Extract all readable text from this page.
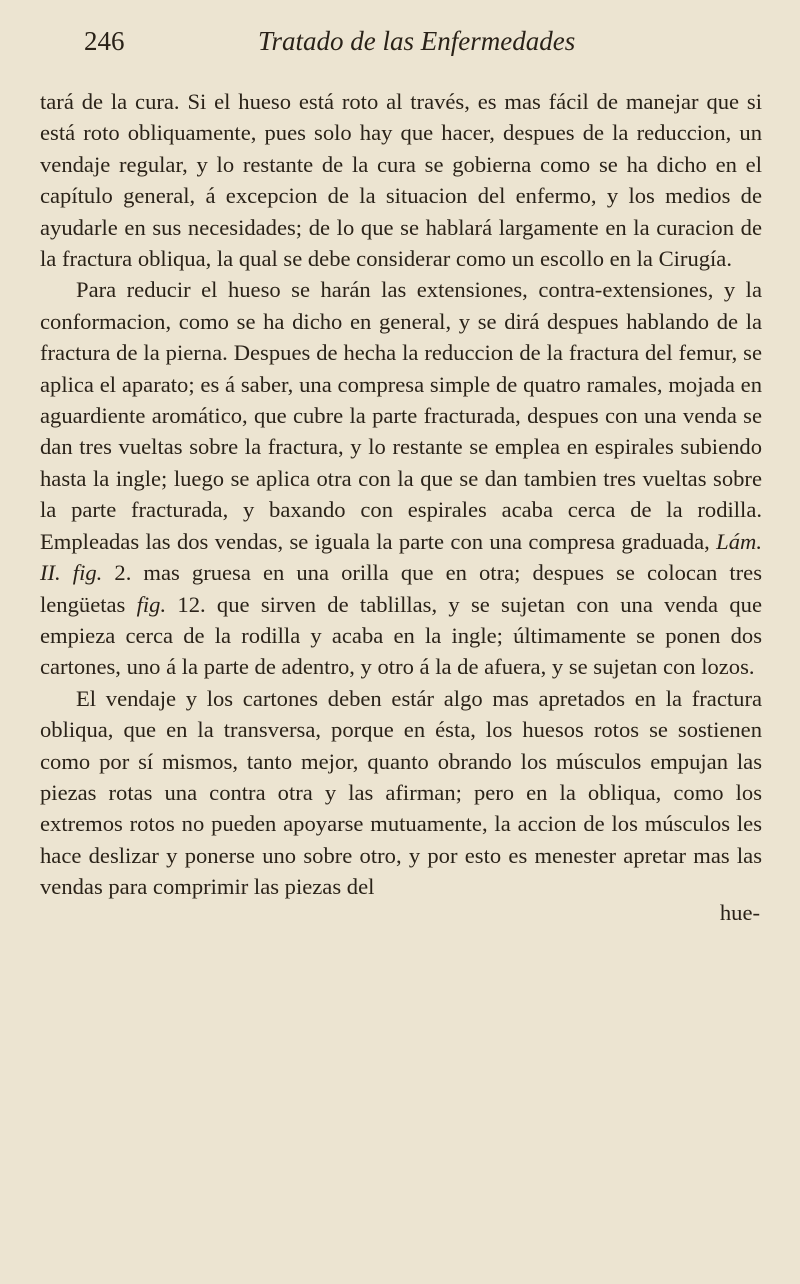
246	Tratado de las Enfermedades

tará de la cura. Si el hueso está roto al través, es mas fácil de manejar que si está roto obliquamente, pues solo hay que hacer, despues de la reduccion, un vendaje regular, y lo restante de la cura se gobierna como se ha dicho en el capítulo general, á excepcion de la situacion del enfermo, y los medios de ayudarle en sus necesidades; de lo que se hablará largamente en la curacion de la fractura obliqua, la qual se debe considerar como un escollo en la Cirugía.

Para reducir el hueso se harán las extensiones, contra-extensiones, y la conformacion, como se ha dicho en general, y se dirá despues hablando de la fractura de la pierna. Despues de hecha la reduccion de la fractura del femur, se aplica el aparato; es á saber, una compresa simple de quatro ramales, mojada en aguardiente aromático, que cubre la parte fracturada, despues con una venda se dan tres vueltas sobre la fractura, y lo restante se emplea en espirales subiendo hasta la ingle; luego se aplica otra con la que se dan tambien tres vueltas sobre la parte fracturada, y baxando con espirales acaba cerca de la rodilla. Empleadas las dos vendas, se iguala la parte con una compresa graduada, Lám. II. fig. 2. mas gruesa en una orilla que en otra; despues se colocan tres lengüetas fig. 12. que sirven de tablillas, y se sujetan con una venda que empieza cerca de la rodilla y acaba en la ingle; últimamente se ponen dos cartones, uno á la parte de adentro, y otro á la de afuera, y se sujetan con lozos.

El vendaje y los cartones deben estár algo mas apretados en la fractura obliqua, que en la transversa, porque en ésta, los huesos rotos se sostienen como por sí mismos, tanto mejor, quanto obrando los músculos empujan las piezas rotas una contra otra y las afirman; pero en la obliqua, como los extremos rotos no pueden apoyarse mutuamente, la accion de los músculos les hace deslizar y ponerse uno sobre otro, y por esto es menester apretar mas las vendas para comprimir las piezas del

hue-
